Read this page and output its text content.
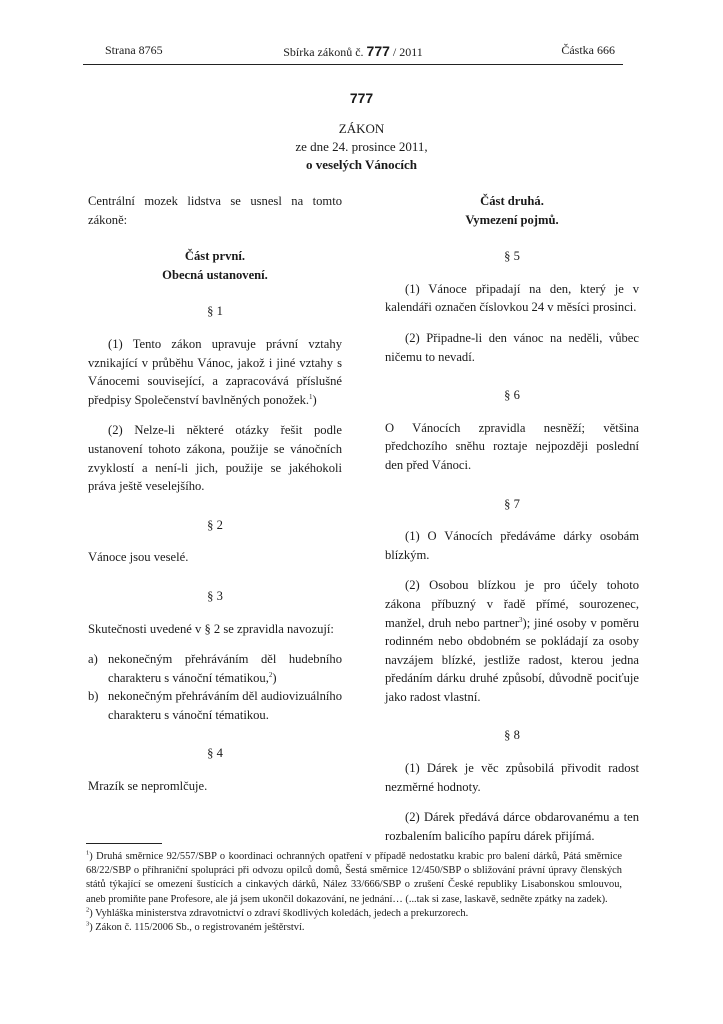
Strana 8765	Sbírka zákonů č. 777 / 2011	Částka 666
777
ZÁKON
ze dne 24. prosince 2011,
o veselých Vánocích

Centrální mozek lidstva se usnesl na tomto zákoně:

Část první.
Obecná ustanovení.
§ 1

(1) Tento zákon upravuje právní vztahy vznikající v průběhu Vánoc, jakož i jiné vztahy s Vánocemi související, a zapracovává příslušné předpisy Společenství bavlněných ponožek.$^1$)

(2) Nelze-li některé otázky řešit podle ustanovení tohoto zákona, použije se vánočních zvyklostí a není-li jich, použije se jakéhokoli práva ještě veselejšího.

§ 2

Vánoce jsou veselé.

§ 3

Skutečnosti uvedené v § 2 se zpravidla navozují:

a) nekonečným přehráváním děl hudebního charakteru s vánoční tématikou,$^2$)
b) nekonečným přehráváním děl audiovizuálního charakteru s vánoční tématikou.
§ 4

Mrazík se nepromlčuje.

Část druhá.
Vymezení pojmů.
§ 5

(1) Vánoce připadají na den, který je v kalendáři označen číslovkou 24 v měsíci prosinci.

(2) Připadne-li den vánoc na neděli, vůbec ničemu to nevadí.

§ 6

O Vánocích zpravidla nesněží; většina předchozího sněhu roztaje nejpozději poslední den před Vánoci.

§ 7

(1) O Vánocích předáváme dárky osobám blízkým.

(2) Osobou blízkou je pro účely tohoto zákona příbuzný v řadě přímé, sourozenec, manžel, druh nebo partner$^3$); jiné osoby v poměru rodinném nebo obdobném se pokládají za osoby navzájem blízké, jestliže radost, kterou jedna předáním dárku druhé způsobí, důvodně pociťuje jako radost vlastní.

§ 8

(1) Dárek je věc způsobilá přivodit radost nezměrné hodnoty.

(2) Dárek předává dárce obdarovanému a ten rozbalením balicího papíru dárek přijímá.

$^1$) Druhá směrnice 92/557/SBP o koordinaci ochranných opatření v případě nedostatku krabic pro balení dárků, Pátá směrnice 68/22/SBP o příhraniční spolupráci při odvozu opilců domů, Šestá směrnice 12/450/SBP o sbližování právní úpravy členských států týkající se omezení šustících a cinkavých dárků, Nález 33/666/SBP o zrušení České republiky Lisabonskou smlouvou, aneb promiňte pane Profesore, ale já jsem ukončil dokazování, ne jednání… (...tak si zase, laskavě, sedněte zpátky na zadek).

$^2$) Vyhláška ministerstva zdravotnictví o zdraví škodlivých koledách, jedech a prekurzorech.

$^3$) Zákon č. 115/2006 Sb., o registrovaném ještěrství.
